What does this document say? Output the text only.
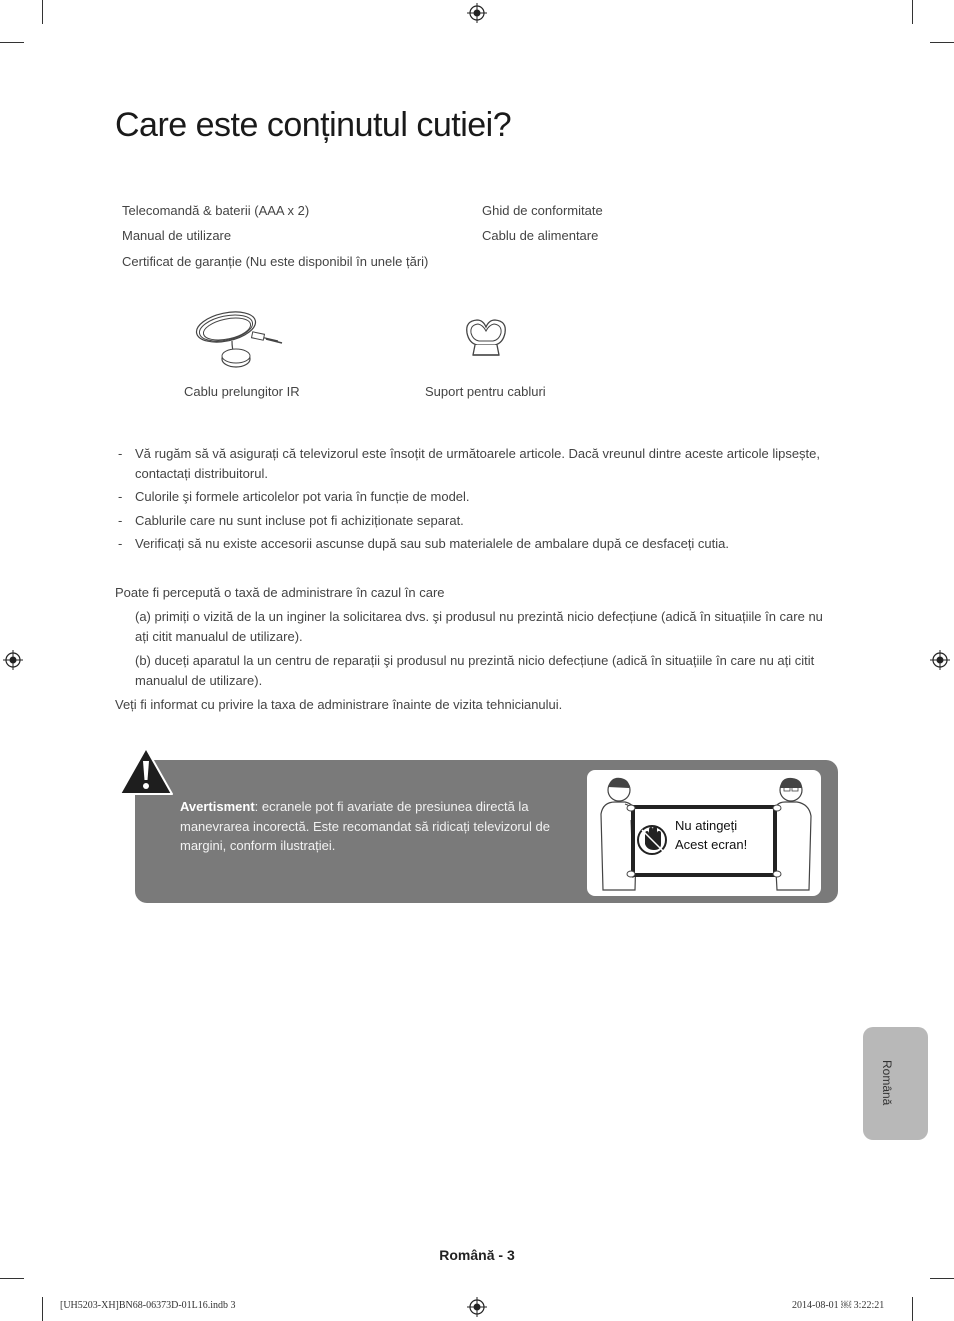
Care este conținutul cutiei?
Telecomandă & baterii (AAA x 2)
Manual de utilizare
Certificat de garanție (Nu este disponibil în unele țări)
Ghid de conformitate
Cablu de alimentare
Cablu prelungitor IR	Suport pentru cabluri
- Vă rugăm să vă asigurați că televizorul este însoțit de următoarele articole. Dacă vreunul dintre aceste articole lipsește, contactați distribuitorul.
- Culorile şi formele articolelor pot varia în funcție de model.
- Cablurile care nu sunt incluse pot fi achiziționate separat.
- Verificați să nu existe accesorii ascunse după sau sub materialele de ambalare după ce desfaceți cutia.
Poate fi percepută o taxă de administrare în cazul în care
(a) primiți o vizită de la un inginer la solicitarea dvs. şi produsul nu prezintă nicio defecțiune (adică în situațiile în care nu ați citit manualul de utilizare).
(b) duceți aparatul la un centru de reparații şi produsul nu prezintă nicio defecțiune (adică în situațiile în care nu ați citit manualul de utilizare).
Veți fi informat cu privire la taxa de administrare înainte de vizita tehnicianului.
Avertisment: ecranele pot fi avariate de presiunea directă la manevrarea incorectă. Este recomandat să ridicați televizorul de margini, conform ilustrației.
Nu atingeți
Acest ecran!
Română
Română - 3
[UH5203-XH]BN68-06373D-01L16.indb 3	2014-08-01 ￼ 3:22:21
